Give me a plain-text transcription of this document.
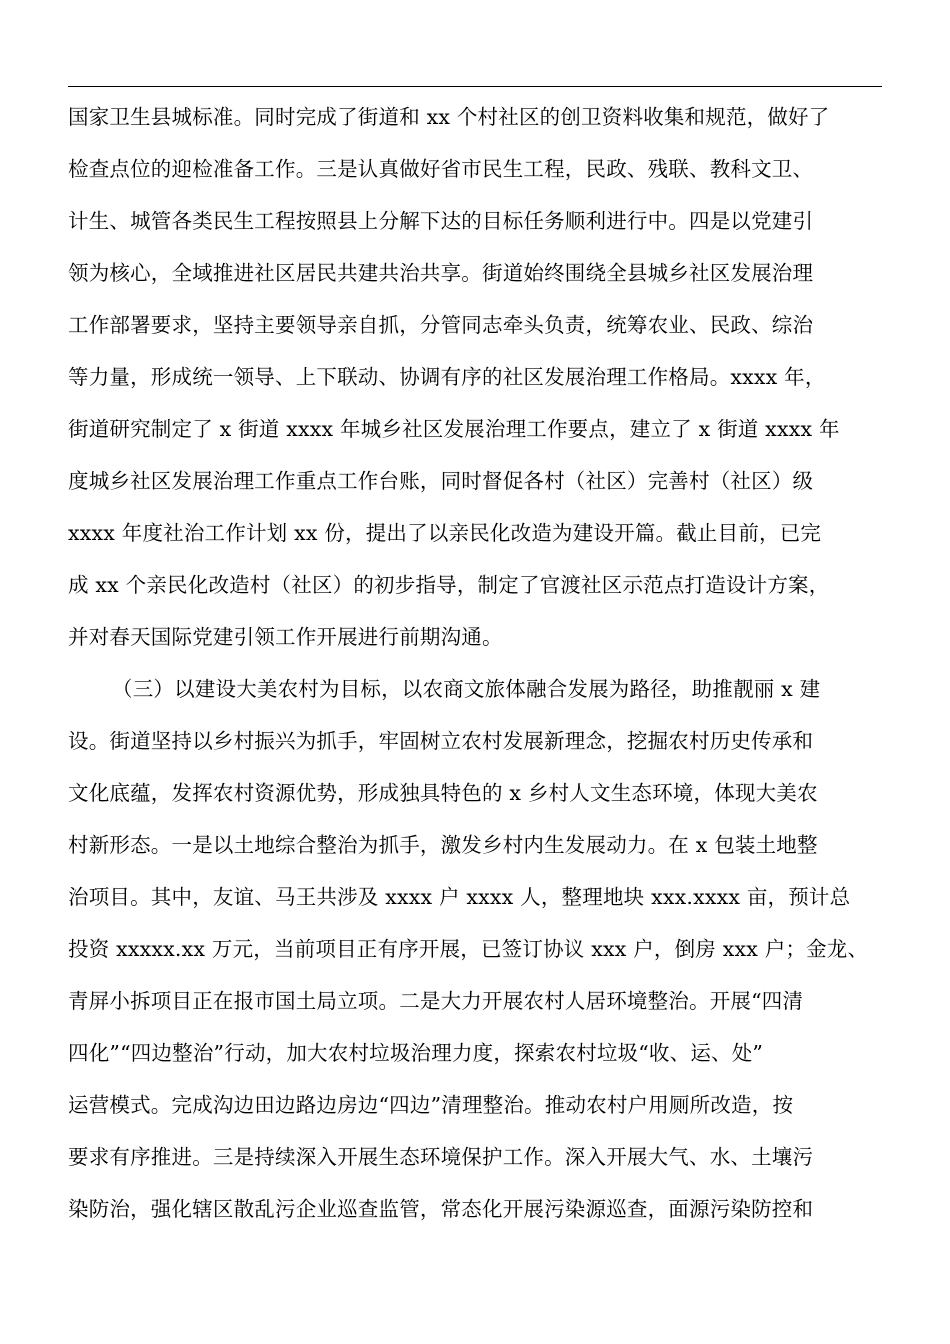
国家卫生县城标准。同时完成了街道和 xx 个村社区的创卫资料收集和规范，做好了
检查点位的迎检准备工作。三是认真做好省市民生工程，民政、残联、教科文卫、
计生、城管各类民生工程按照县上分解下达的目标任务顺利进行中。四是以党建引
领为核心，全域推进社区居民共建共治共享。街道始终围绕全县城乡社区发展治理
工作部署要求，坚持主要领导亲自抓，分管同志牵头负责，统筹农业、民政、综治
等力量，形成统一领导、上下联动、协调有序的社区发展治理工作格局。xxxx 年，
街道研究制定了 x 街道 xxxx 年城乡社区发展治理工作要点，建立了 x 街道 xxxx 年
度城乡社区发展治理工作重点工作台账，同时督促各村（社区）完善村（社区）级
xxxx 年度社治工作计划 xx 份，提出了以亲民化改造为建设开篇。截止目前，已完
成 xx 个亲民化改造村（社区）的初步指导，制定了官渡社区示范点打造设计方案，
并对春天国际党建引领工作开展进行前期沟通。
（三）以建设大美农村为目标，以农商文旅体融合发展为路径，助推靓丽 x 建
设。街道坚持以乡村振兴为抓手，牢固树立农村发展新理念，挖掘农村历史传承和
文化底蕴，发挥农村资源优势，形成独具特色的 x 乡村人文生态环境，体现大美农
村新形态。一是以土地综合整治为抓手，激发乡村内生发展动力。在 x 包装土地整
治项目。其中，友谊、马王共涉及 xxxx 户 xxxx 人，整理地块 xxx.xxxx 亩，预计总
投资 xxxxx.xx 万元，当前项目正有序开展，已签订协议 xxx 户，倒房 xxx 户；金龙、
青屏小拆项目正在报市国土局立项。二是大力开展农村人居环境整治。开展“四清
四化”“四边整治”行动，加大农村垃圾治理力度，探索农村垃圾“收、运、处”
运营模式。完成沟边田边路边房边“四边”清理整治。推动农村户用厕所改造，按
要求有序推进。三是持续深入开展生态环境保护工作。深入开展大气、水、土壤污
染防治，强化辖区散乱污企业巡查监管，常态化开展污染源巡查，面源污染防控和
